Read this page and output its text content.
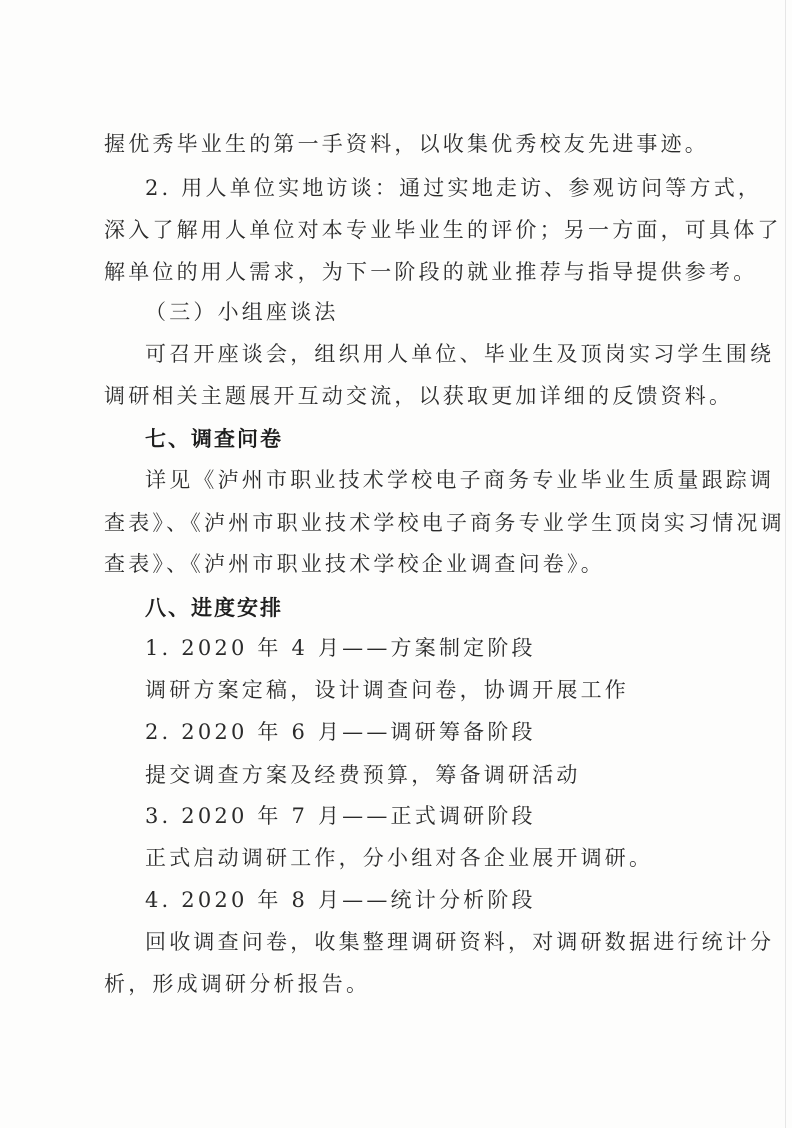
握优秀毕业生的第一手资料，以收集优秀校友先进事迹。
2. 用人单位实地访谈：通过实地走访、参观访问等方式，
深入了解用人单位对本专业毕业生的评价；另一方面，可具体了
解单位的用人需求，为下一阶段的就业推荐与指导提供参考。
（三）小组座谈法
可召开座谈会，组织用人单位、毕业生及顶岗实习学生围绕
调研相关主题展开互动交流，以获取更加详细的反馈资料。
七、调查问卷
详见《泸州市职业技术学校电子商务专业毕业生质量跟踪调
查表》、《泸州市职业技术学校电子商务专业学生顶岗实习情况调
查表》、《泸州市职业技术学校企业调查问卷》。
八、进度安排
1. 2020 年 4 月——方案制定阶段
调研方案定稿，设计调查问卷，协调开展工作
2. 2020 年 6 月——调研筹备阶段
提交调查方案及经费预算，筹备调研活动
3. 2020 年 7 月——正式调研阶段
正式启动调研工作，分小组对各企业展开调研。
4. 2020 年 8 月——统计分析阶段
回收调查问卷，收集整理调研资料，对调研数据进行统计分
析，形成调研分析报告。
